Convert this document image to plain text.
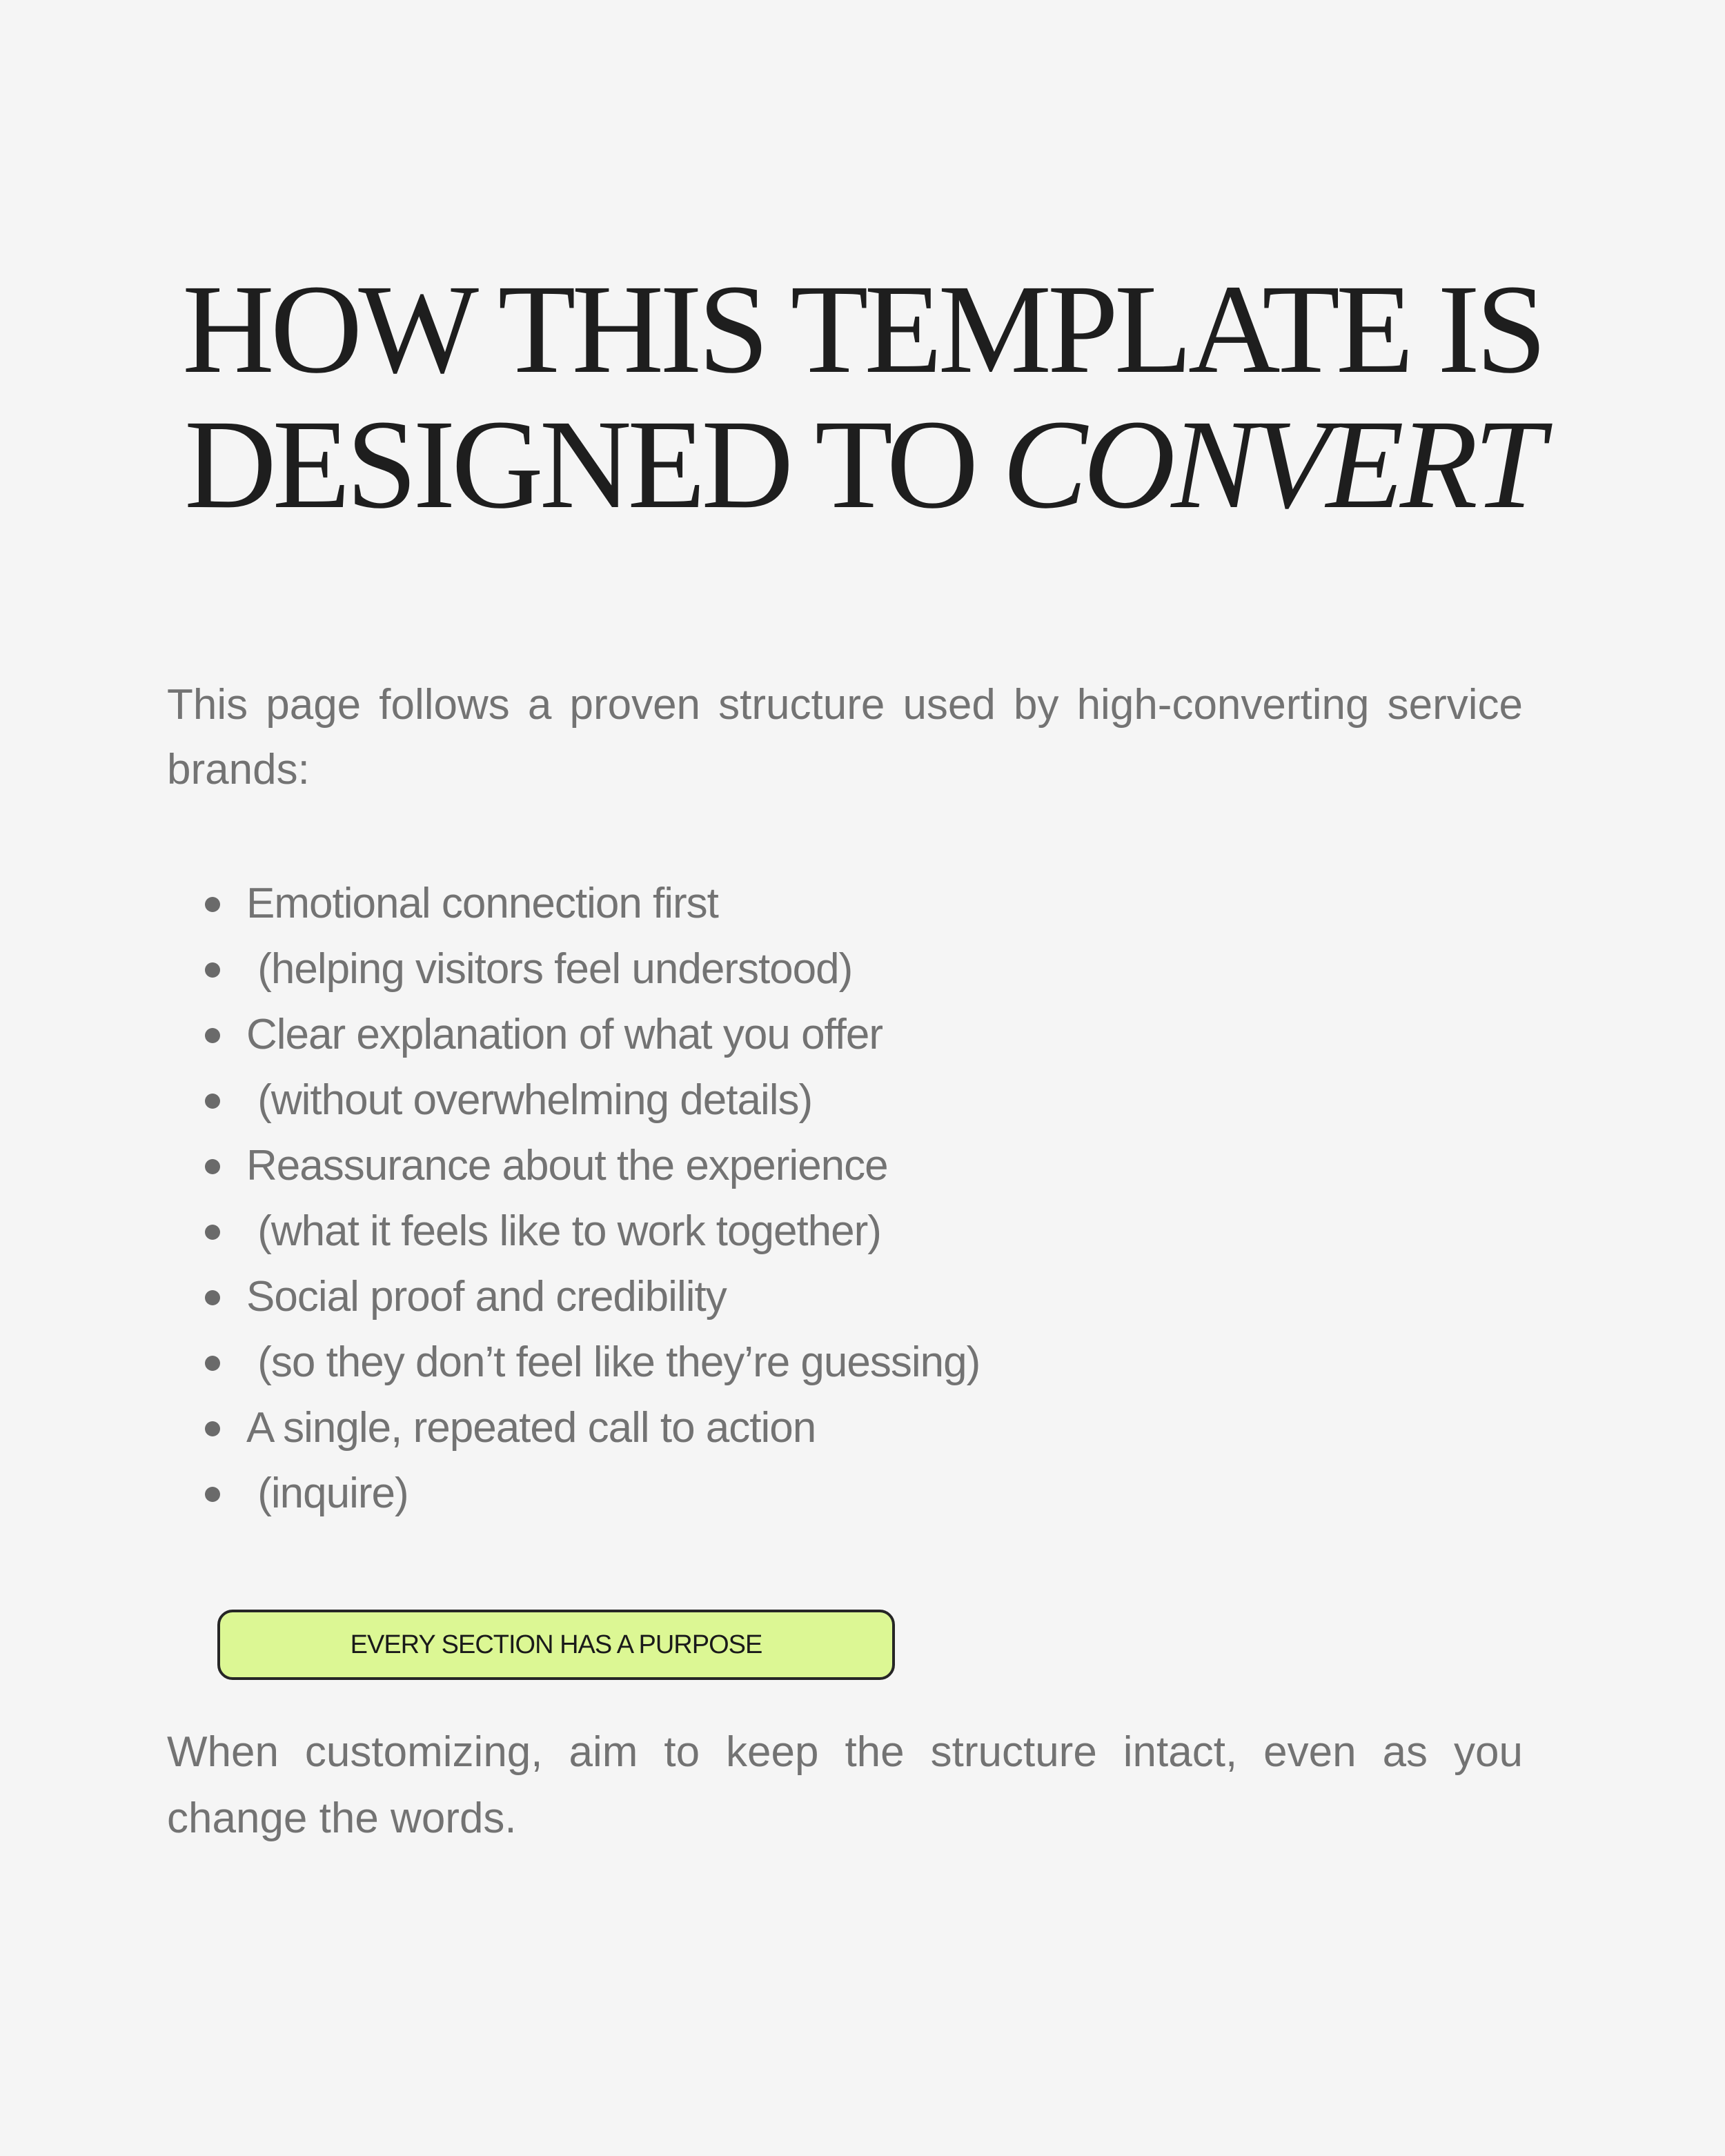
HOW THIS TEMPLATE IS
DESIGNED TO CONVERT

This page follows a proven structure used by high-converting service brands:

Emotional connection first
(helping visitors feel understood)
Clear explanation of what you offer
(without overwhelming details)
Reassurance about the experience
(what it feels like to work together)
Social proof and credibility
(so they don’t feel like they’re guessing)
A single, repeated call to action
(inquire)
EVERY SECTION HAS A PURPOSE

When customizing, aim to keep the structure intact, even as you change the words.
